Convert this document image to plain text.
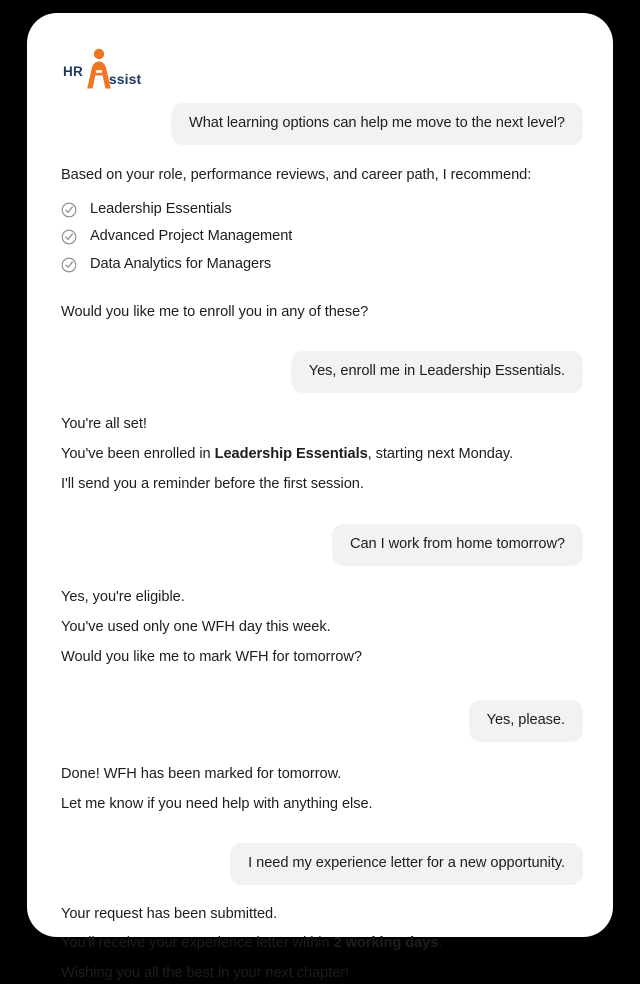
HR ssist
What learning options can help me move to the next level?

Based on your role, performance reviews, and career path, I recommend:

Leadership Essentials
Advanced Project Management
Data Analytics for Managers

Would you like me to enroll you in any of these?

Yes, enroll me in Leadership Essentials.

You're all set!

You've been enrolled in Leadership Essentials, starting next Monday.

I'll send you a reminder before the first session.

Can I work from home tomorrow?

Yes, you're eligible.

You've used only one WFH day this week.

Would you like me to mark WFH for tomorrow?

Yes, please.

Done! WFH has been marked for tomorrow.

Let me know if you need help with anything else.

I need my experience letter for a new opportunity.

Your request has been submitted.

You'll receive your experience letter within 2 working days.

Wishing you all the best in your next chapter!
